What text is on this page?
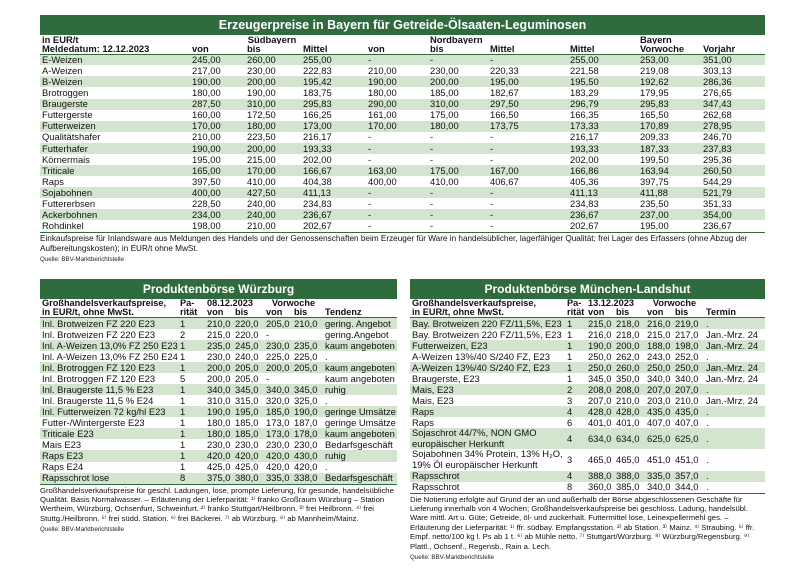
Erzeugerpreise in Bayern für Getreide-Ölsaaten-Leguminosen
in EUR/t		Südbayern			Nordbayern			Bayern	
Meldedatum: 12.12.2023	von	bis	Mittel	von	bis	Mittel	Mittel	Vorwoche	Vorjahr
E-Weizen	245,00	260,00	255,00	-	-	-	255,00	253,00	351,00
A-Weizen	217,00	230,00	222,83	210,00	230,00	220,33	221,58	219,08	303,13
B-Weizen	190,00	200,00	195,42	190,00	200,00	195,00	195,50	192,62	286,36
Brotroggen	180,00	190,00	183,75	180,00	185,00	182,67	183,29	179,95	276,65
Braugerste	287,50	310,00	295,83	290,00	310,00	297,50	296,79	295,83	347,43
Futtergerste	160,00	172,50	166,25	161,00	175,00	166,50	166,35	165,50	262,68
Futterweizen	170,00	180,00	173,00	170,00	180,00	173,75	173,33	170,89	278,95
Qualitätshafer	210,00	223,50	216,17	-	-	-	216,17	209,33	246,70
Futterhafer	190,00	200,00	193,33	-	-	-	193,33	187,33	237,83
Körnermais	195,00	215,00	202,00	-	-	-	202,00	199,50	295,36
Triticale	165,00	170,00	166,67	163,00	175,00	167,00	166,86	163,94	260,50
Raps	397,50	410,00	404,38	400,00	410,00	406,67	405,36	397,75	544,29
Sojabohnen	400,00	427,50	411,13	-	-	-	411,13	411,88	521,79
Futtererbsen	228,50	240,00	234,83	-	-	-	234,83	235,50	351,33
Ackerbohnen	234,00	240,00	236,67	-	-	-	236,67	237,00	354,00
Rohdinkel	198,00	210,00	202,67	-	-	-	202,67	195,00	236,67
Einkaufspreise für Inlandsware aus Meldungen des Handels und der Genossenschaften beim Erzeuger für Ware in handelsüblicher, lagerfähiger Qualität; frei Lager des Erfassers (ohne Abzug der Aufbereitungskosten); in EUR/t ohne MwSt.
Quelle: BBV-Marktberichtstelle
Produktenbörse Würzburg
Großhandelsverkaufspreise,	Pa-	08.12.2023		Vorwoche		
in EUR/t, ohne MwSt.	rität	von	bis	von	bis	Tendenz
Inl. Brotweizen FZ 220 E23	1	210,0	220,0	205,0	210,0	gering. Angebot
Inl. Brotweizen FZ 220 E23	2	215,0	220,0	-		gering.Angebot
Inl. A-Weizen 13,0% FZ 250 E23	1	235,0	245,0	230,0	235,0	kaum angeboten
Inl. A-Weizen 13,0% FZ 250 E24	1	230,0	240,0	225,0	225,0	.
Inl. Brotroggen FZ 120 E23	1	200,0	205,0	200,0	205,0	kaum angeboten
Inl. Brotroggen FZ 120 E23	5	200,0	205,0	-		kaum angeboten
Inl. Braugerste 11,5 % E23	1	340,0	345,0	340,0	345,0	ruhig
Inl. Braugerste 11,5 % E24	1	310,0	315,0	320,0	325,0	.
Inl. Futterweizen 72 kg/hl E23	1	190,0	195,0	185,0	190,0	geringe Umsätze
Futter-/Wintergerste E23	1	180,0	185,0	173,0	187,0	geringe Umsätze
Triticale E23	1	180,0	185,0	173,0	178,0	kaum angeboten
Mais E23	1	230,0	230,0	230,0	230,0	Bedarfsgeschäft
Raps E23	1	420,0	420,0	420,0	430,0	ruhig
Raps E24	1	425,0	425,0	420,0	420,0	.
Rapsschrot lose	8	375,0	380,0	335,0	338,0	Bedarfsgeschäft
Großhandelsverkaufspreise für geschl. Ladungen, lose, prompte Lieferung, für gesunde, handelsübliche Qualität. Basis Normalwasser. – Erläuterung der Lieferparität: ¹⁾ franko Großraum Würzburg – Station Wertheim, Würzburg, Ochsenfurt, Schweinfurt. ²⁾ franko Stuttgart/Heilbronn. ³⁾ frei Heilbronn. ⁴⁾ frei Stuttg./Heilbronn. ⁵⁾ frei südd. Station. ⁶⁾ frei Bäckerei. ⁷⁾ ab Würzburg. ⁸⁾ ab Mannheim/Mainz.
Quelle: BBV-Marktberichtstelle
Produktenbörse München-Landshut
Großhandelsverkaufspreise,	Pa-	13.12.2023		Vorwoche		
in EUR/t, ohne MwSt.	rität	von	bis	von	bis	Termin
Bay. Brotweizen 220 FZ/11,5%, E23	1	215,0	218,0	216,0	219,0	.
Bay. Brotweizen 220 FZ/11,5%, E23	1	216,0	218,0	215,0	217,0	Jan.-Mrz. 24
Futterweizen, E23	1	190,0	200,0	188,0	198,0	Jan.-Mrz. 24
A-Weizen 13%/40 S/240 FZ, E23	1	250,0	262,0	243,0	252,0	.
A-Weizen 13%/40 S/240 FZ, E23	1	250,0	260,0	250,0	250,0	Jan.-Mrz. 24
Braugerste, E23	1	345,0	350,0	340,0	340,0	Jan.-Mrz. 24
Mais, E23	2	208,0	208,0	207,0	207,0	.
Mais, E23	3	207,0	210,0	203,0	210,0	Jan.-Mrz. 24
Raps	4	428,0	428,0	435,0	435,0	.
Raps	6	401,0	401,0	407,0	407,0	.
Sojaschrot 44/7%, NON GMO europäischer Herkunft	4	634,0	634,0	625,0	625,0	.
Sojabohnen 34% Protein, 13% H₂O, 19% Öl europäischer Herkunft	3	465,0	465,0	451,0	451,0	.
Rapsschrot	4	388,0	388,0	335,0	357,0	.
Rapsschrot	8	360,0	385,0	340,0	344,0	.
Die Notierung erfolgte auf Grund der an und außerhalb der Börse abgeschlossenen Geschäfte für Lieferung innerhalb von 4 Wochen; Großhandelsverkaufspreise bei geschloss. Ladung, handelsübl. Ware mittl. Art u. Güte; Getreide, öl- und zuckerhalt. Futtermittel lose, Leinexpellermehl ges. – Erläuterung der Lieferparität: ¹⁾ ffr. südbay. Empfangsstation. ²⁾ ab Station. ³⁾ Mainz. ⁴⁾ Straubing. ⁵⁾ ffr. Empf. netto/100 kg l. Ps ab 1 t. ⁶⁾ ab Mühle netto. ⁷⁾ Stuttgart/Würzburg. ⁸⁾ Würzburg/Regensburg. ⁹⁾ Plattl., Ochsenf., Regensb., Rain a. Lech.
Quelle: BBV-Marktberichtstelle
